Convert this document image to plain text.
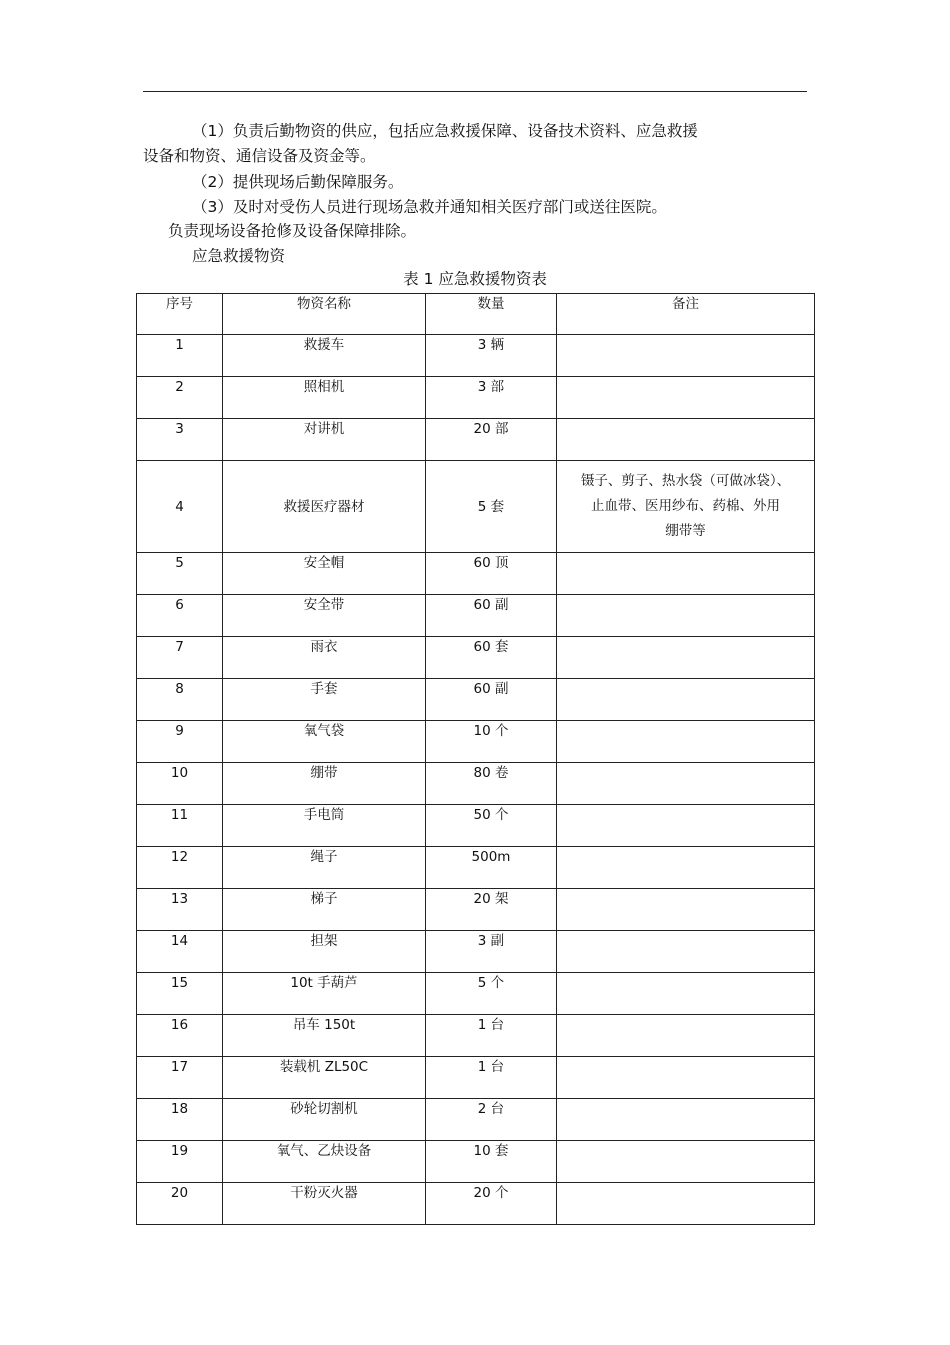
（1）负责后勤物资的供应，包括应急救援保障、设备技术资料、应急救援
设备和物资、通信设备及资金等。
（2）提供现场后勤保障服务。
（3）及时对受伤人员进行现场急救并通知相关医疗部门或送往医院。
负责现场设备抢修及设备保障排除。
应急救援物资
表 1 应急救援物资表
序号	物资名称	数量	备注
1	救援车	3 辆	
2	照相机	3 部	
3	对讲机	20 部	
4	救援医疗器材	5 套	镊子、剪子、热水袋（可做冰袋）、
止血带、医用纱布、药棉、外用
绷带等

5	安全帽	60 顶	
6	安全带	60 副	
7	雨衣	60 套	
8	手套	60 副	
9	氧气袋	10 个	
10	绷带	80 卷	
11	手电筒	50 个	
12	绳子	500m	
13	梯子	20 架	
14	担架	3 副	
15	10t 手葫芦	5 个	
16	吊车 150t	1 台	
17	装载机 ZL50C	1 台	
18	砂轮切割机	2 台	
19	氧气、乙炔设备	10 套	
20	干粉灭火器	20 个	
